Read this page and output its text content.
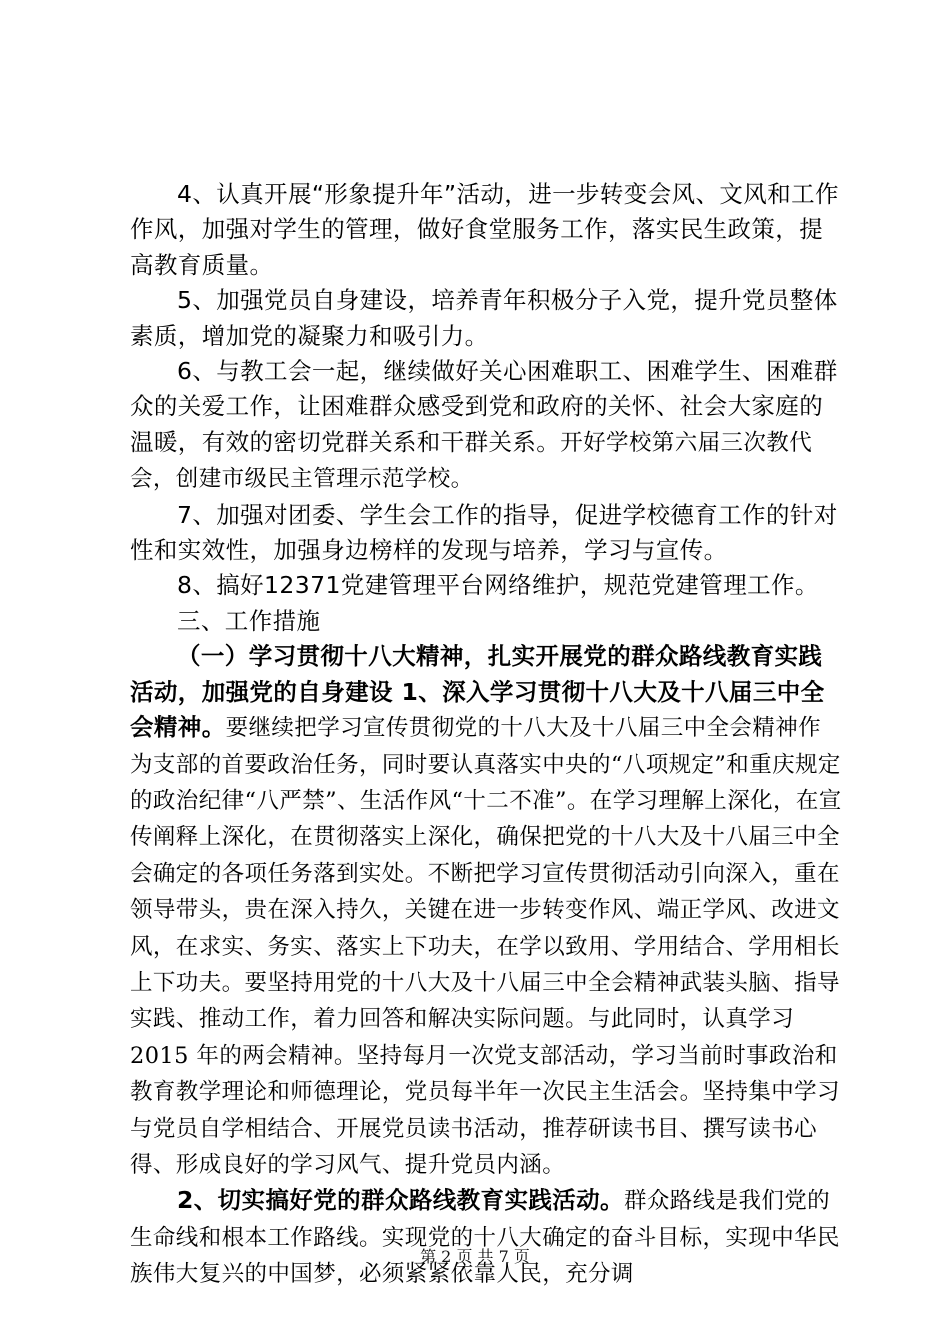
4、认真开展“形象提升年”活动，进一步转变会风、文风和工作作风，加强对学生的管理，做好食堂服务工作，落实民生政策，提高教育质量。

5、加强党员自身建设，培养青年积极分子入党，提升党员整体素质，增加党的凝聚力和吸引力。

6、与教工会一起，继续做好关心困难职工、困难学生、困难群众的关爱工作，让困难群众感受到党和政府的关怀、社会大家庭的温暖，有效的密切党群关系和干群关系。开好学校第六届三次教代会，创建市级民主管理示范学校。

7、加强对团委、学生会工作的指导，促进学校德育工作的针对性和实效性，加强身边榜样的发现与培养，学习与宣传。

8、搞好12371党建管理平台网络维护，规范党建管理工作。

三、工作措施

（一）学习贯彻十八大精神，扎实开展党的群众路线教育实践活动，加强党的自身建设 1、深入学习贯彻十八大及十八届三中全会精神。要继续把学习宣传贯彻党的十八大及十八届三中全会精神作为支部的首要政治任务，同时要认真落实中央的“八项规定”和重庆规定的政治纪律“八严禁”、生活作风“十二不准”。在学习理解上深化，在宣传阐释上深化，在贯彻落实上深化，确保把党的十八大及十八届三中全会确定的各项任务落到实处。不断把学习宣传贯彻活动引向深入，重在领导带头，贵在深入持久，关键在进一步转变作风、端正学风、改进文风，在求实、务实、落实上下功夫，在学以致用、学用结合、学用相长上下功夫。要坚持用党的十八大及十八届三中全会精神武装头脑、指导实践、推动工作，着力回答和解决实际问题。与此同时，认真学习 2015 年的两会精神。坚持每月一次党支部活动，学习当前时事政治和教育教学理论和师德理论，党员每半年一次民主生活会。坚持集中学习与党员自学相结合、开展党员读书活动，推荐研读书目、撰写读书心得、形成良好的学习风气、提升党员内涵。

2、切实搞好党的群众路线教育实践活动。群众路线是我们党的生命线和根本工作路线。实现党的十八大确定的奋斗目标，实现中华民族伟大复兴的中国梦，必须紧紧依靠人民，充分调

第 2 页 共 7 页
